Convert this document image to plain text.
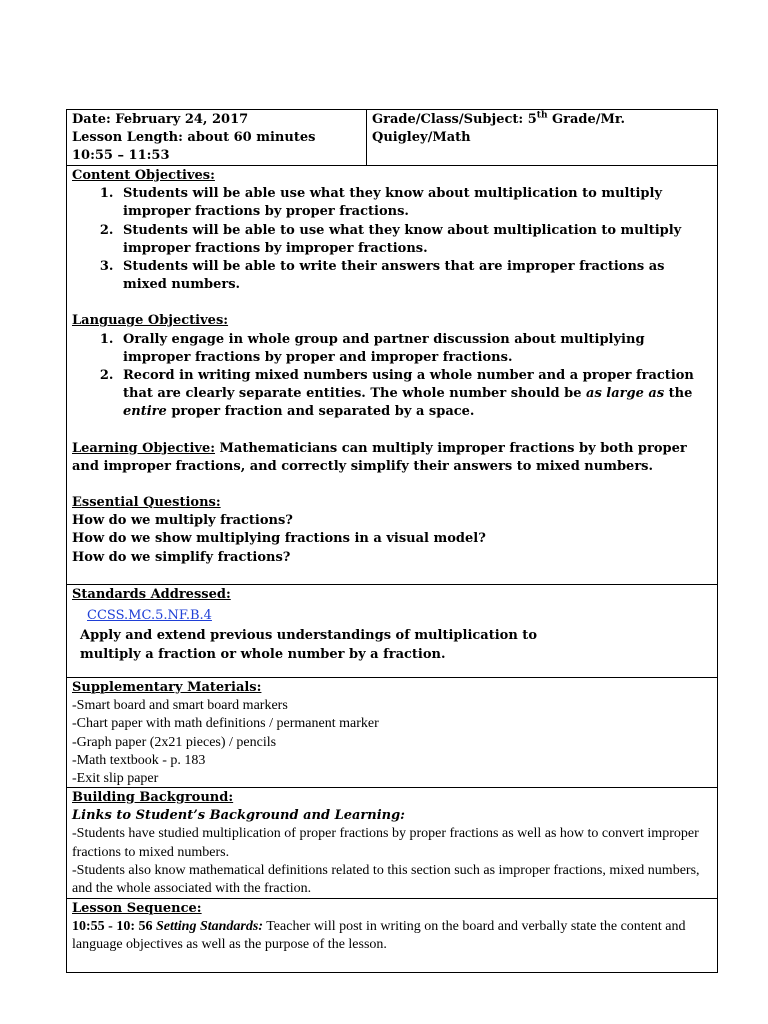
Date: February 24, 2017
Lesson Length: about 60 minutes
10:55 – 11:53
Grade/Class/Subject: 5th Grade/Mr.
Quigley/Math
Content Objectives:
1. Students will be able use what they know about multiplication to multiply improper fractions by proper fractions.
2. Students will be able to use what they know about multiplication to multiply improper fractions by improper fractions.
3. Students will be able to write their answers that are improper fractions as mixed numbers.
Language Objectives:
1. Orally engage in whole group and partner discussion about multiplying improper fractions by proper and improper fractions.
2. Record in writing mixed numbers using a whole number and a proper fraction that are clearly separate entities. The whole number should be as large as the entire proper fraction and separated by a space.
Learning Objective: Mathematicians can multiply improper fractions by both proper and improper fractions, and correctly simplify their answers to mixed numbers.
Essential Questions:
How do we multiply fractions?
How do we show multiplying fractions in a visual model?
How do we simplify fractions?
Standards Addressed:
CCSS.MC.5.NF.B.4
Apply and extend previous understandings of multiplication to multiply a fraction or whole number by a fraction.
Supplementary Materials:
-Smart board and smart board markers
-Chart paper with math definitions / permanent marker
-Graph paper (2x21 pieces) / pencils
-Math textbook - p. 183
-Exit slip paper
Building Background:
Links to Student’s Background and Learning:
-Students have studied multiplication of proper fractions by proper fractions as well as how to convert improper fractions to mixed numbers.
-Students also know mathematical definitions related to this section such as improper fractions, mixed numbers, and the whole associated with the fraction.
Lesson Sequence:
10:55 - 10: 56 Setting Standards: Teacher will post in writing on the board and verbally state the content and language objectives as well as the purpose of the lesson.
